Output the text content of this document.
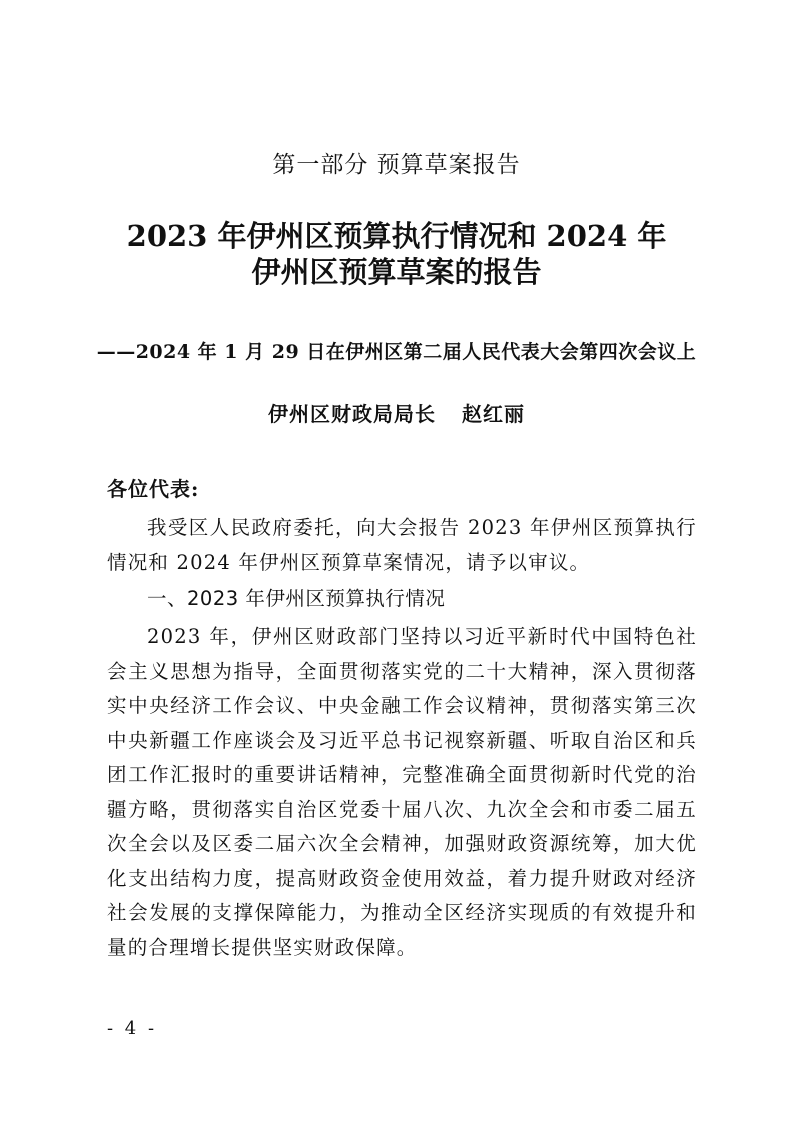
第一部分 预算草案报告
2023 年伊州区预算执行情况和 2024 年
伊州区预算草案的报告
——2024 年 1 月 29 日在伊州区第二届人民代表大会第四次会议上
伊州区财政局局长 赵红丽
各位代表:
我受区人民政府委托，向大会报告 2023 年伊州区预算执行情况和 2024 年伊州区预算草案情况，请予以审议。
一、2023 年伊州区预算执行情况
2023 年，伊州区财政部门坚持以习近平新时代中国特色社会主义思想为指导，全面贯彻落实党的二十大精神，深入贯彻落实中央经济工作会议、中央金融工作会议精神，贯彻落实第三次中央新疆工作座谈会及习近平总书记视察新疆、听取自治区和兵团工作汇报时的重要讲话精神，完整准确全面贯彻新时代党的治疆方略，贯彻落实自治区党委十届八次、九次全会和市委二届五次全会以及区委二届六次全会精神，加强财政资源统筹，加大优化支出结构力度，提高财政资金使用效益，着力提升财政对经济社会发展的支撑保障能力，为推动全区经济实现质的有效提升和量的合理增长提供坚实财政保障。
- 4 -
